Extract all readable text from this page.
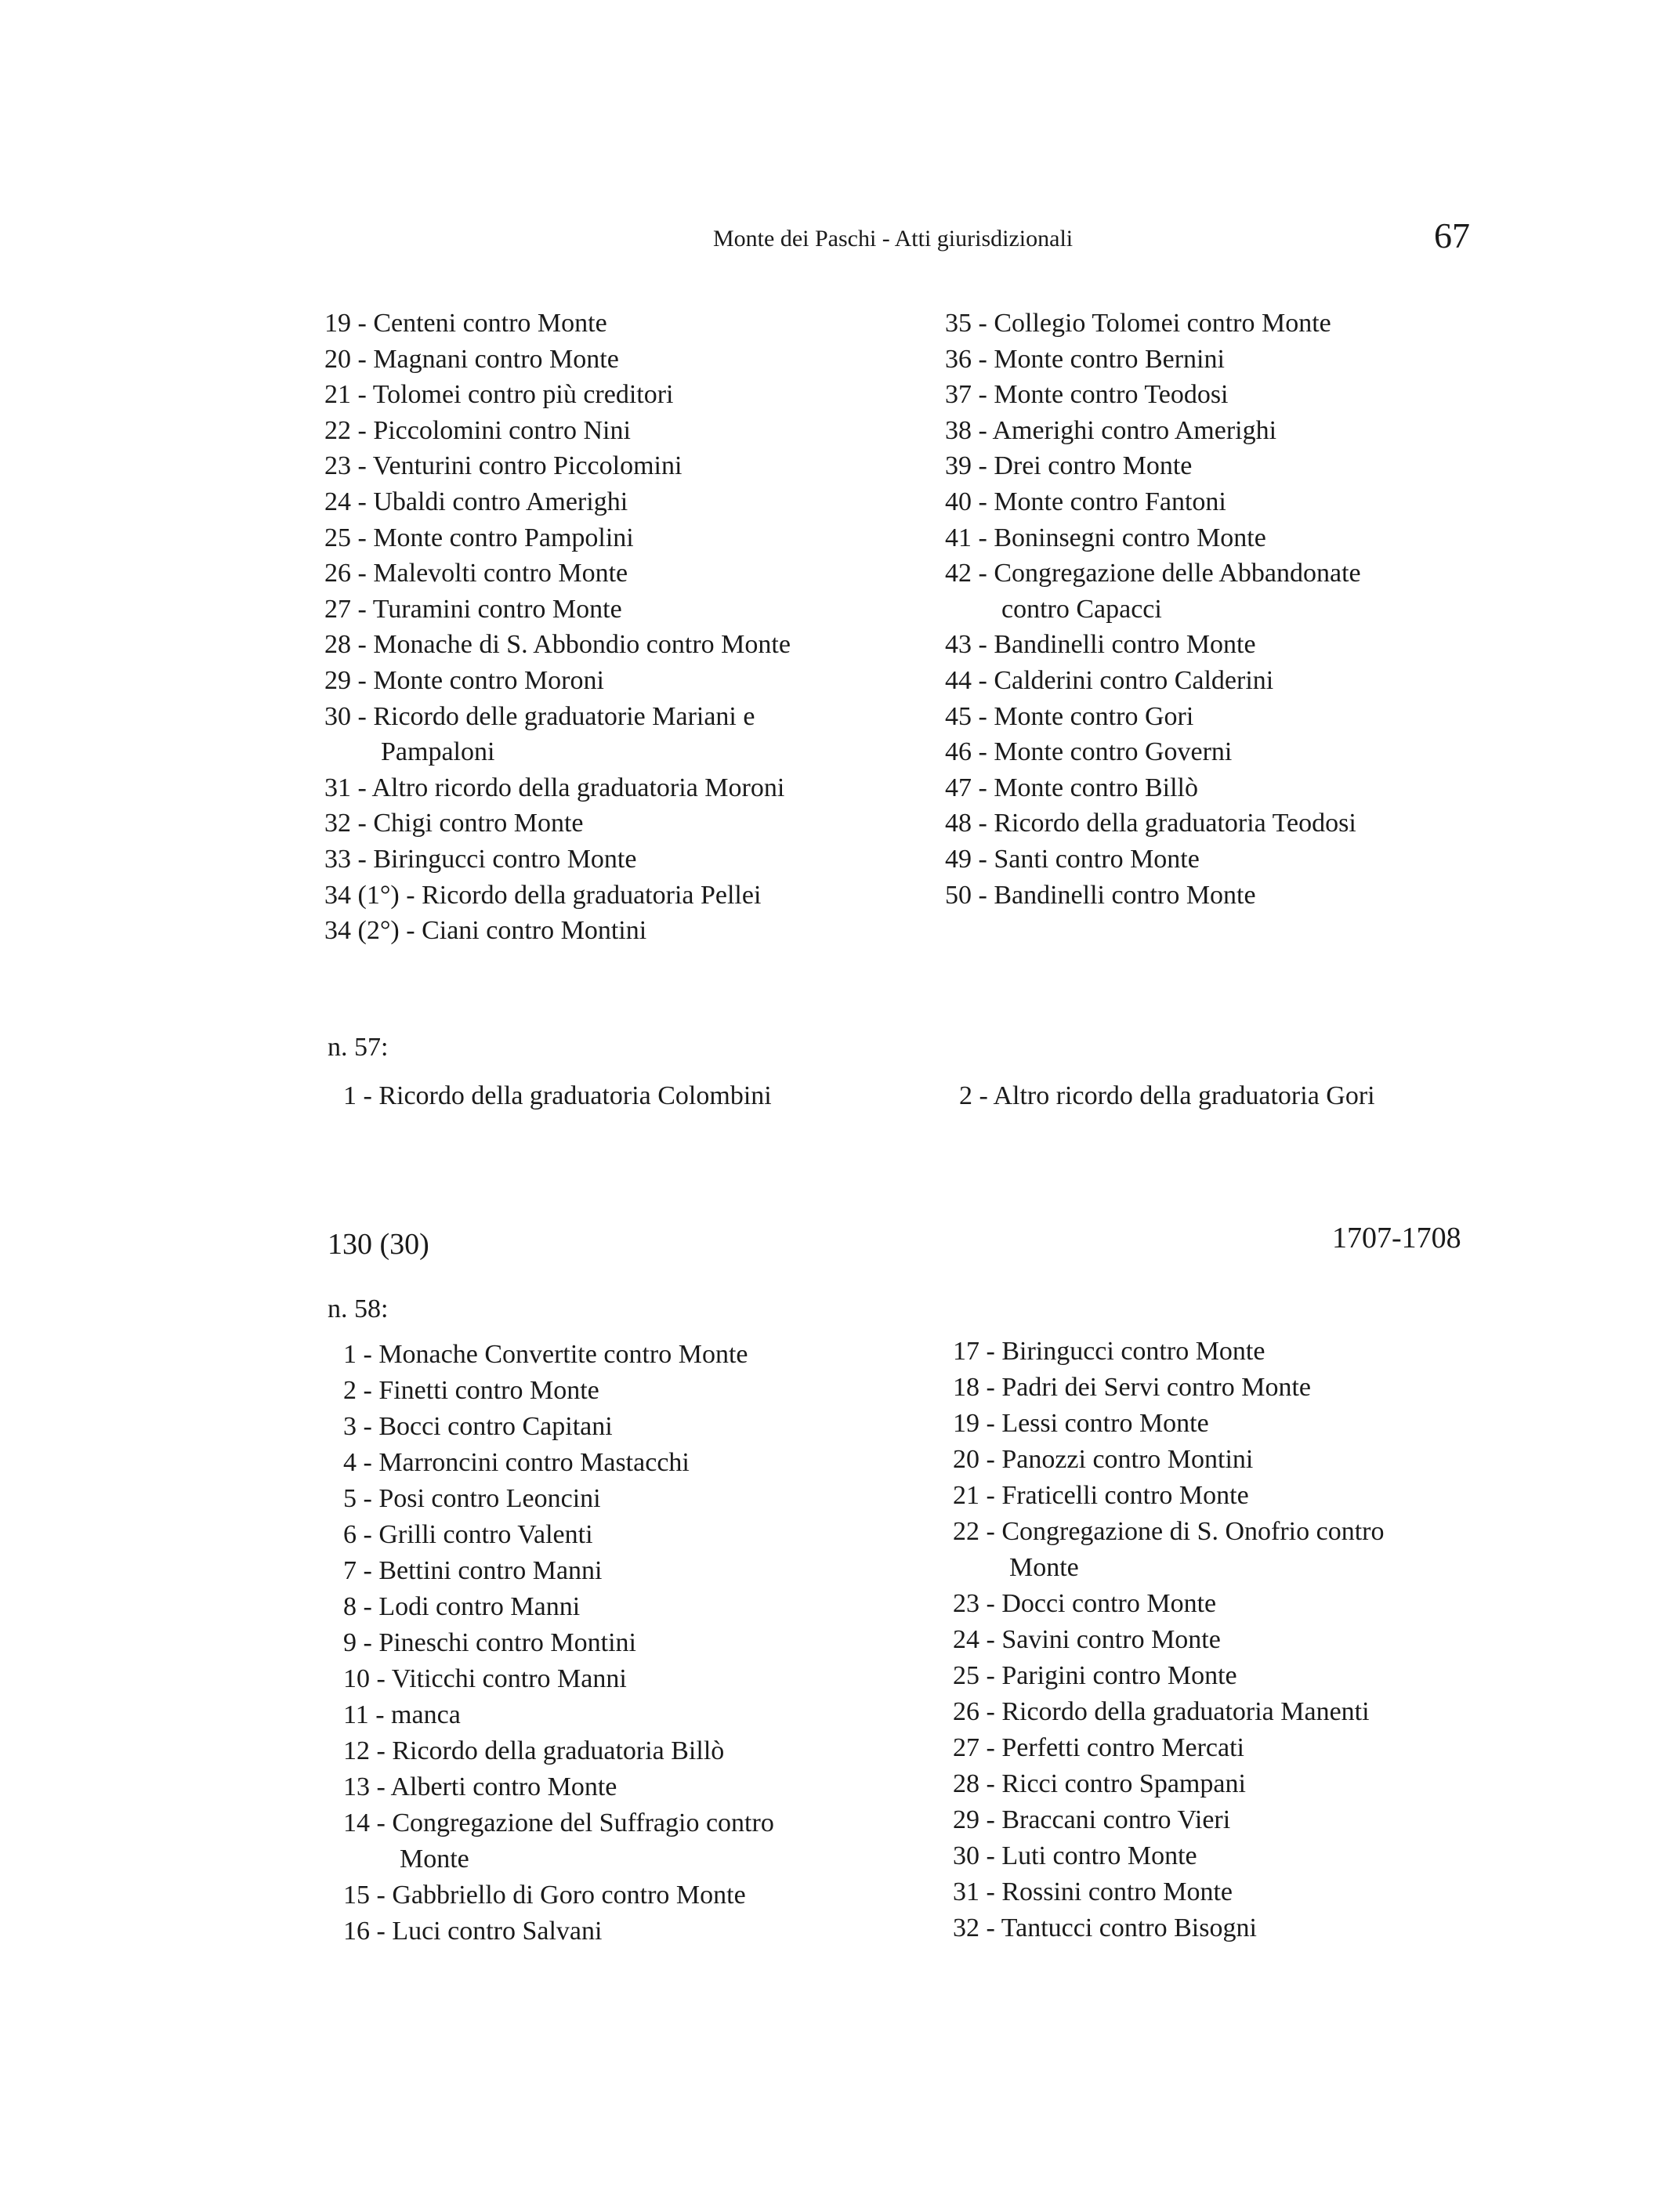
Monte dei Paschi - Atti giurisdizionali	67
19 - Centeni contro Monte
20 - Magnani contro Monte
21 - Tolomei contro più creditori
22 - Piccolomini contro Nini
23 - Venturini contro Piccolomini
24 - Ubaldi contro Amerighi
25 - Monte contro Pampolini
26 - Malevolti contro Monte
27 - Turamini contro Monte
28 - Monache di S. Abbondio contro Monte
29 - Monte contro Moroni
30 - Ricordo delle graduatorie Mariani e
Pampaloni
31 - Altro ricordo della graduatoria Moroni
32 - Chigi contro Monte
33 - Biringucci contro Monte
34 (1°) - Ricordo della graduatoria Pellei
34 (2°) - Ciani contro Montini
35 - Collegio Tolomei contro Monte
36 - Monte contro Bernini
37 - Monte contro Teodosi
38 - Amerighi contro Amerighi
39 - Drei contro Monte
40 - Monte contro Fantoni
41 - Boninsegni contro Monte
42 - Congregazione delle Abbandonate
contro Capacci
43 - Bandinelli contro Monte
44 - Calderini contro Calderini
45 - Monte contro Gori
46 - Monte contro Governi
47 - Monte contro Billò
48 - Ricordo della graduatoria Teodosi
49 - Santi contro Monte
50 - Bandinelli contro Monte
n. 57:
1 - Ricordo della graduatoria Colombini	2 - Altro ricordo della graduatoria Gori
130 (30)	1707-1708
n. 58:
1 - Monache Convertite contro Monte
2 - Finetti contro Monte
3 - Bocci contro Capitani
4 - Marroncini contro Mastacchi
5 - Posi contro Leoncini
6 - Grilli contro Valenti
7 - Bettini contro Manni
8 - Lodi contro Manni
9 - Pineschi contro Montini
10 - Viticchi contro Manni
11 - manca
12 - Ricordo della graduatoria Billò
13 - Alberti contro Monte
14 - Congregazione del Suffragio contro
Monte
15 - Gabbriello di Goro contro Monte
16 - Luci contro Salvani
17 - Biringucci contro Monte
18 - Padri dei Servi contro Monte
19 - Lessi contro Monte
20 - Panozzi contro Montini
21 - Fraticelli contro Monte
22 - Congregazione di S. Onofrio contro
Monte
23 - Docci contro Monte
24 - Savini contro Monte
25 - Parigini contro Monte
26 - Ricordo della graduatoria Manenti
27 - Perfetti contro Mercati
28 - Ricci contro Spampani
29 - Braccani contro Vieri
30 - Luti contro Monte
31 - Rossini contro Monte
32 - Tantucci contro Bisogni
